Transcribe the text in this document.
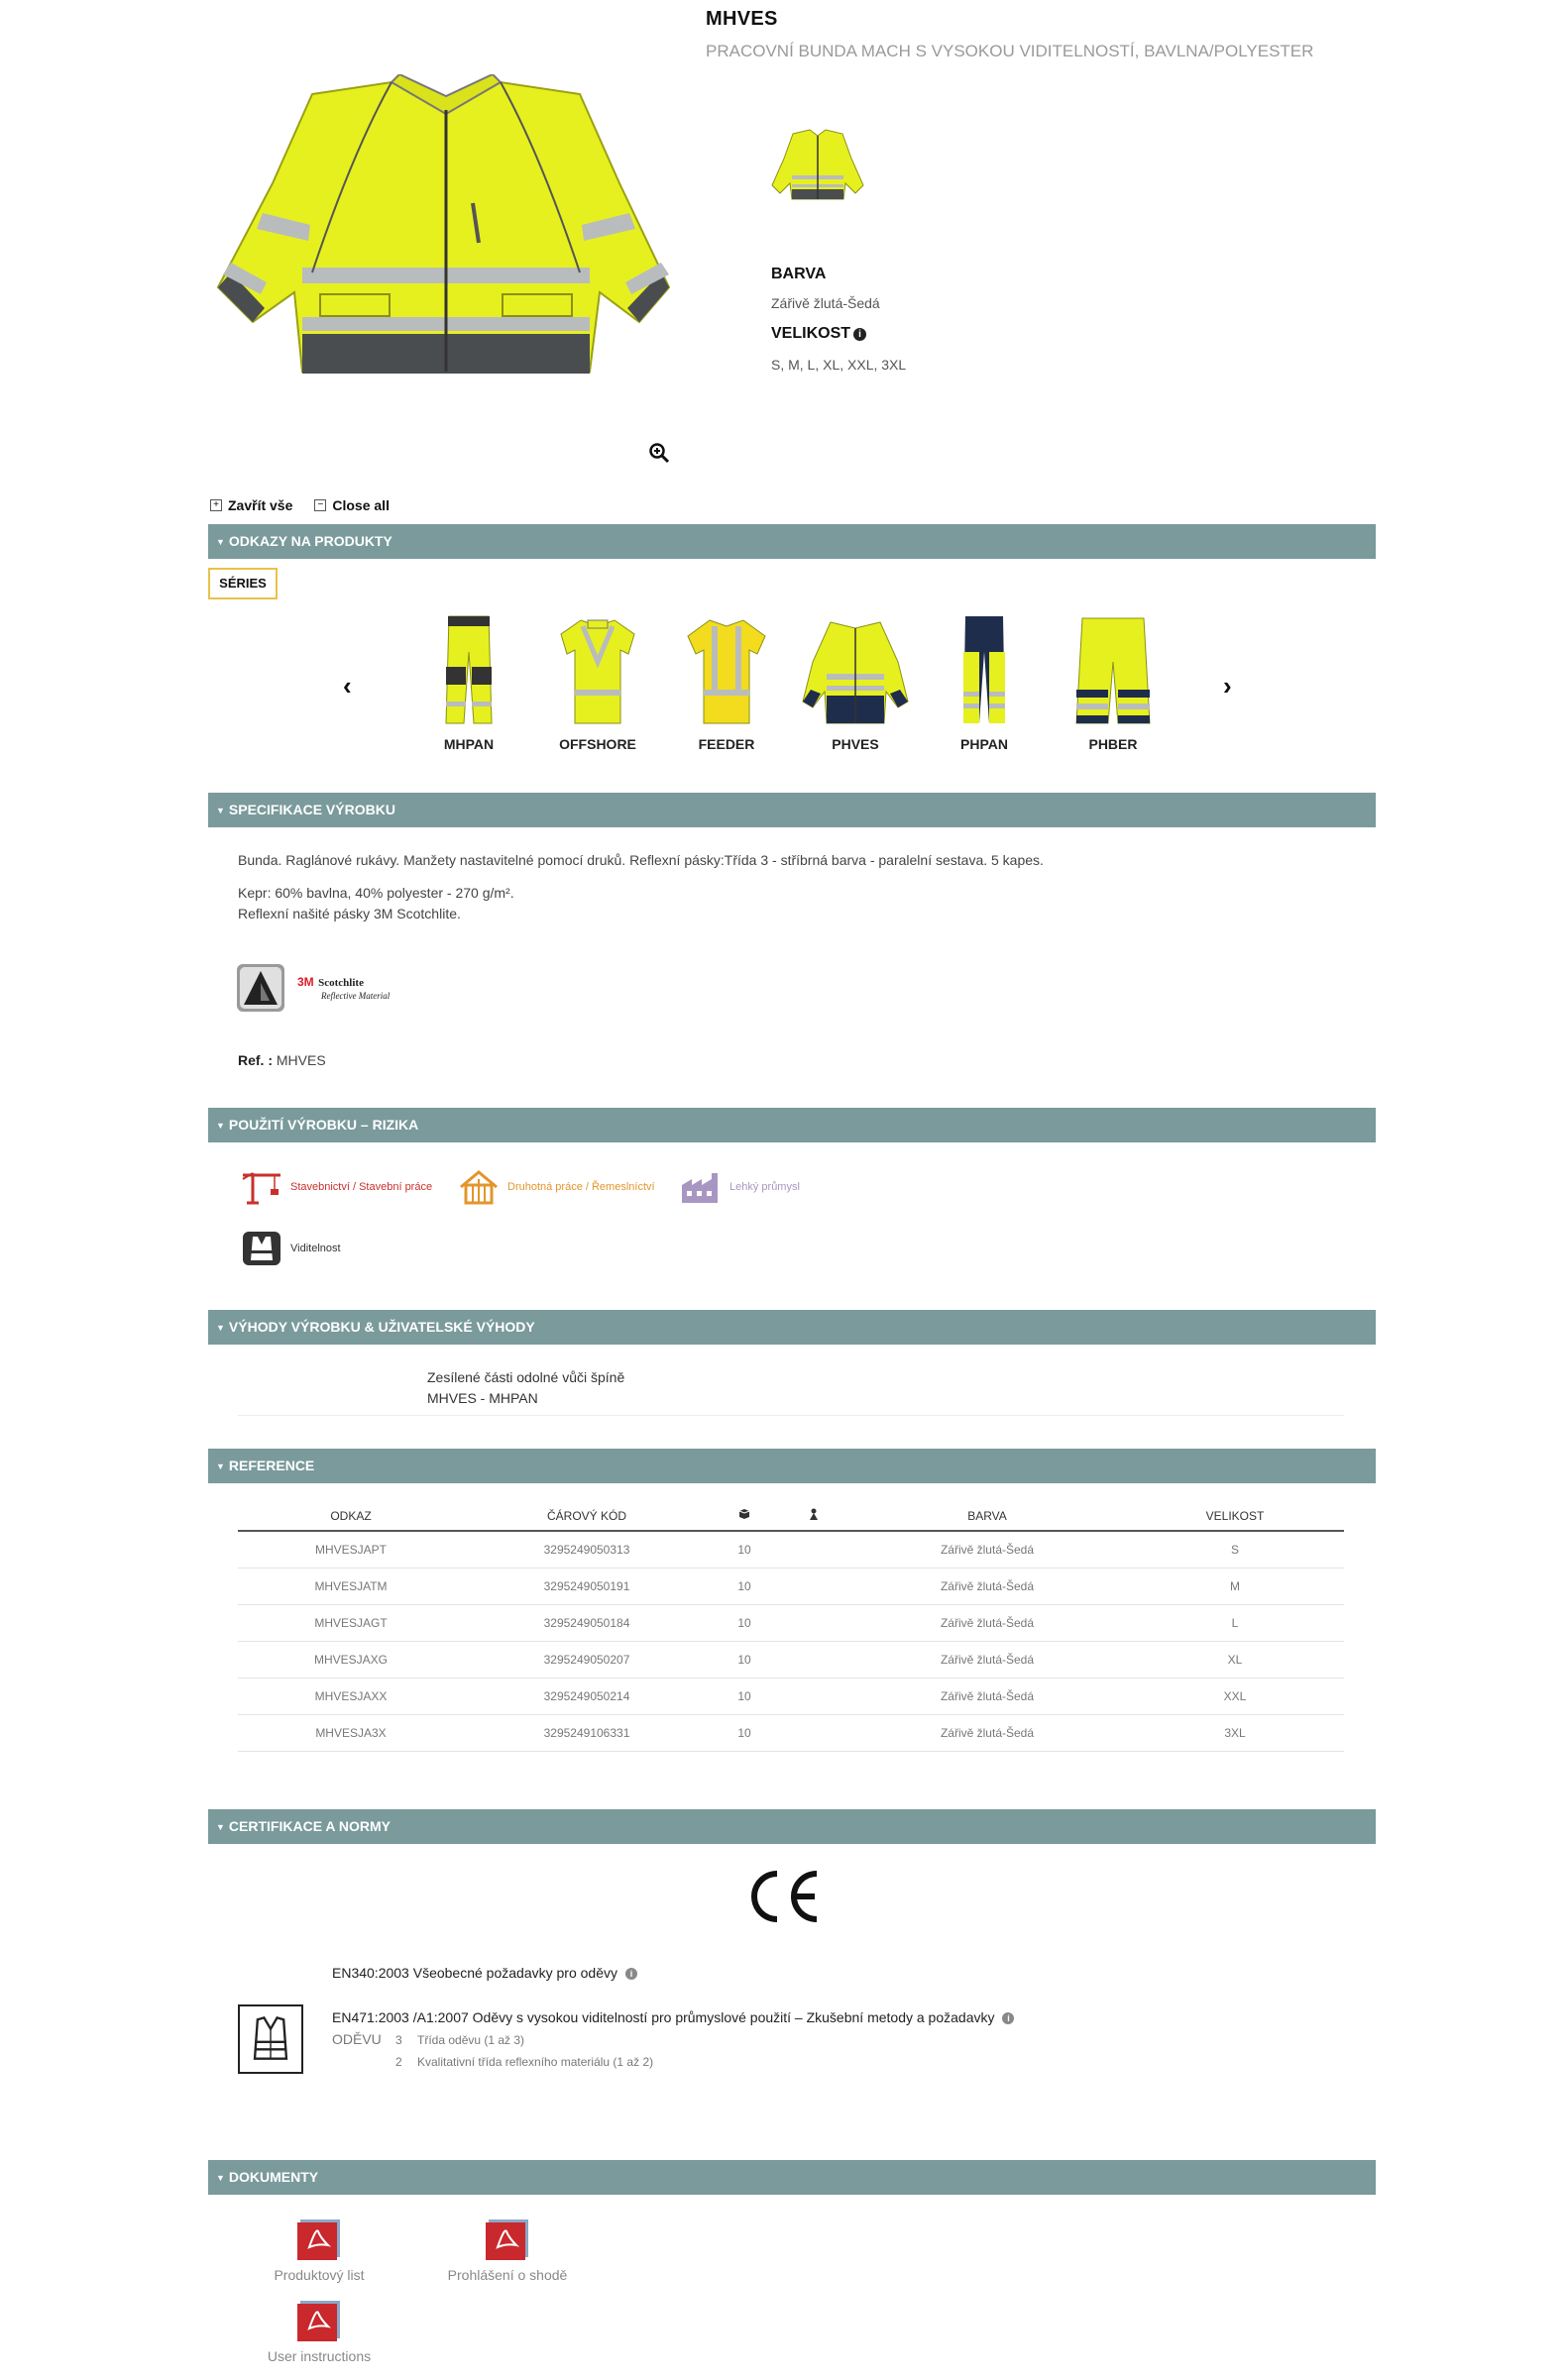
MHVES
PRACOVNÍ BUNDA MACH S VYSOKOU VIDITELNOSTÍ, BAVLNA/POLYESTER
BARVA
Zářivě žlutá-Šedá
VELIKOST i
S, M, L, XL, XXL, 3XL
+ Zavřít vše	− Close all
▼ ODKAZY NA PRODUKTY
SÉRIES
‹	›
MHPAN	OFFSHORE	FEEDER	PHVES	PHPAN	PHBER
▼ SPECIFIKACE VÝROBKU
Bunda. Raglánové rukávy. Manžety nastavitelné pomocí druků. Reflexní pásky:Třída 3 - stříbrná barva - paralelní sestava. 5 kapes.
Kepr: 60% bavlna, 40% polyester - 270 g/m².
Reflexní našité pásky 3M Scotchlite.
3M Scotchlite
Reflective Material
Ref. : MHVES
▼ POUŽITÍ VÝROBKU – RIZIKA
Stavebnictví / Stavební práce	Druhotná práce / Řemeslníctví	Lehký průmysl
Viditelnost
▼ VÝHODY VÝROBKU & UŽIVATELSKÉ VÝHODY
Zesílené části odolné vůči špíně
MHVES - MHPAN
▼ REFERENCE
ODKAZ	ČÁROVÝ KÓD			BARVA	VELIKOST
MHVESJAPT	3295249050313	10		Zářivě žlutá-Šedá	S
MHVESJATM	3295249050191	10		Zářivě žlutá-Šedá	M
MHVESJAGT	3295249050184	10		Zářivě žlutá-Šedá	L
MHVESJAXG	3295249050207	10		Zářivě žlutá-Šedá	XL
MHVESJAXX	3295249050214	10		Zářivě žlutá-Šedá	XXL
MHVESJA3X	3295249106331	10		Zářivě žlutá-Šedá	3XL
▼ CERTIFIKACE A NORMY
EN340:2003 Všeobecné požadavky pro oděvy i
EN471:2003 /A1:2007 Oděvy s vysokou viditelností pro průmyslové použití – Zkušební metody a požadavky i
ODĚVU 3 Třída oděvu (1 až 3)
2 Kvalitativní třída reflexního materiálu (1 až 2)
▼ DOKUMENTY
Produktový list	Prohlášení o shodě
User instructions
